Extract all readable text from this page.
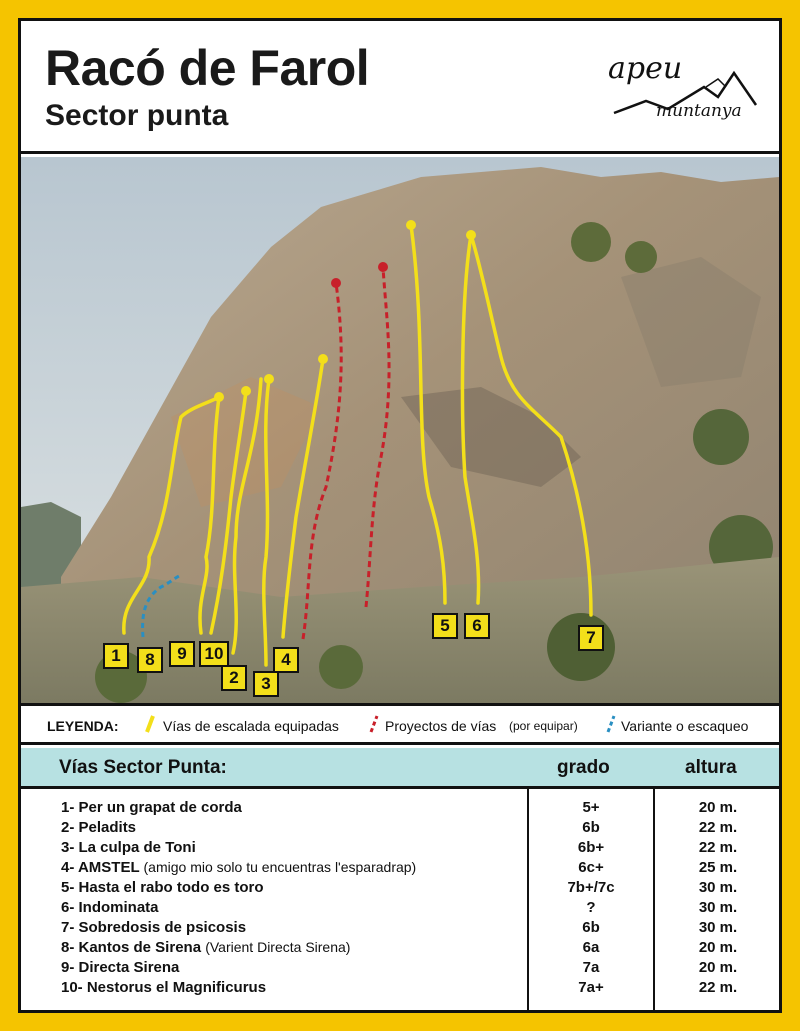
Racó de Farol
Sector punta
apeu
muntanya
1	8	9	10
2	3
4
5	6
7
LEYENDA:	Vías de escalada equipadas	Proyectos de vías (por equipar)	Variante o escaqueo
Vías Sector Punta:	grado	altura
1- Per un grapat de corda	5+	20 m.
2- Peladits	6b	22 m.
3- La culpa de Toni	6b+	22 m.
4- AMSTEL (amigo mio solo tu encuentras l'esparadrap)	6c+	25 m.
5- Hasta el rabo todo es toro	7b+/7c	30 m.
6- Indominata	?	30 m.
7- Sobredosis de psicosis	6b	30 m.
8- Kantos de Sirena (Varient Directa Sirena)	6a	20 m.
9- Directa Sirena	7a	20 m.
10- Nestorus el Magnificurus	7a+	22 m.
